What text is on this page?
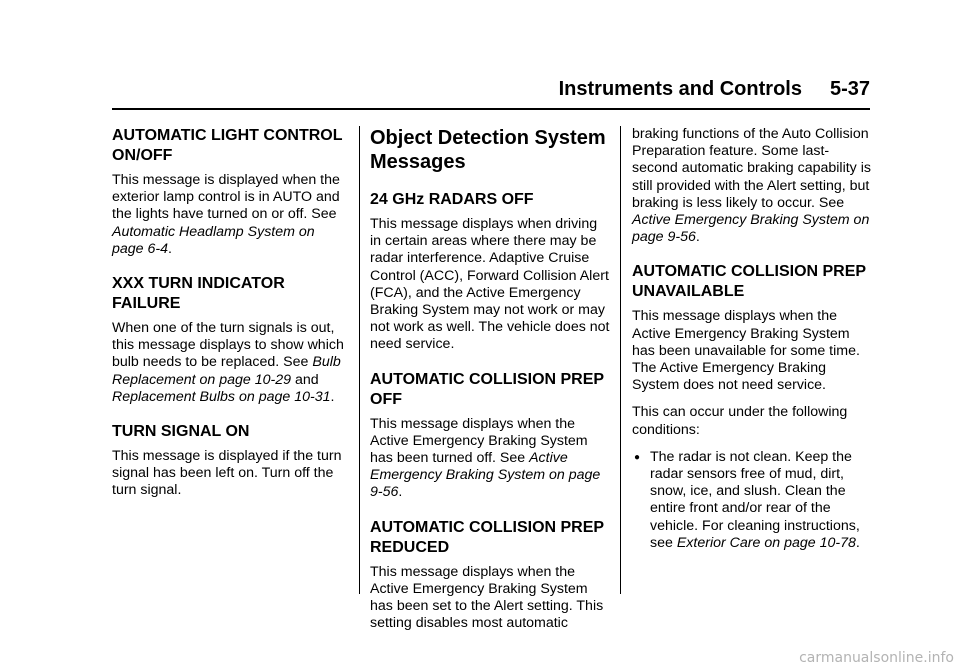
Instruments and Controls 5-37
AUTOMATIC LIGHT CONTROL ON/OFF

This message is displayed when the exterior lamp control is in AUTO and the lights have turned on or off. See Automatic Headlamp System on page 6-4.

XXX TURN INDICATOR FAILURE

When one of the turn signals is out, this message displays to show which bulb needs to be replaced. See Bulb Replacement on page 10-29 and Replacement Bulbs on page 10-31.

TURN SIGNAL ON

This message is displayed if the turn signal has been left on. Turn off the turn signal.

Object Detection System Messages
24 GHz RADARS OFF

This message displays when driving in certain areas where there may be radar interference. Adaptive Cruise Control (ACC), Forward Collision Alert (FCA), and the Active Emergency Braking System may not work or may not work as well. The vehicle does not need service.

AUTOMATIC COLLISION PREP OFF

This message displays when the Active Emergency Braking System has been turned off. See Active Emergency Braking System on page 9-56.

AUTOMATIC COLLISION PREP REDUCED

This message displays when the Active Emergency Braking System has been set to the Alert setting. This setting disables most automatic

braking functions of the Auto Collision Preparation feature. Some last-second automatic braking capability is still provided with the Alert setting, but braking is less likely to occur. See Active Emergency Braking System on page 9-56.

AUTOMATIC COLLISION PREP UNAVAILABLE

This message displays when the Active Emergency Braking System has been unavailable for some time. The Active Emergency Braking System does not need service.

This can occur under the following conditions:

● The radar is not clean. Keep the radar sensors free of mud, dirt, snow, ice, and slush. Clean the entire front and/or rear of the vehicle. For cleaning instructions, see Exterior Care on page 10-78.
carmanualsonline.info
